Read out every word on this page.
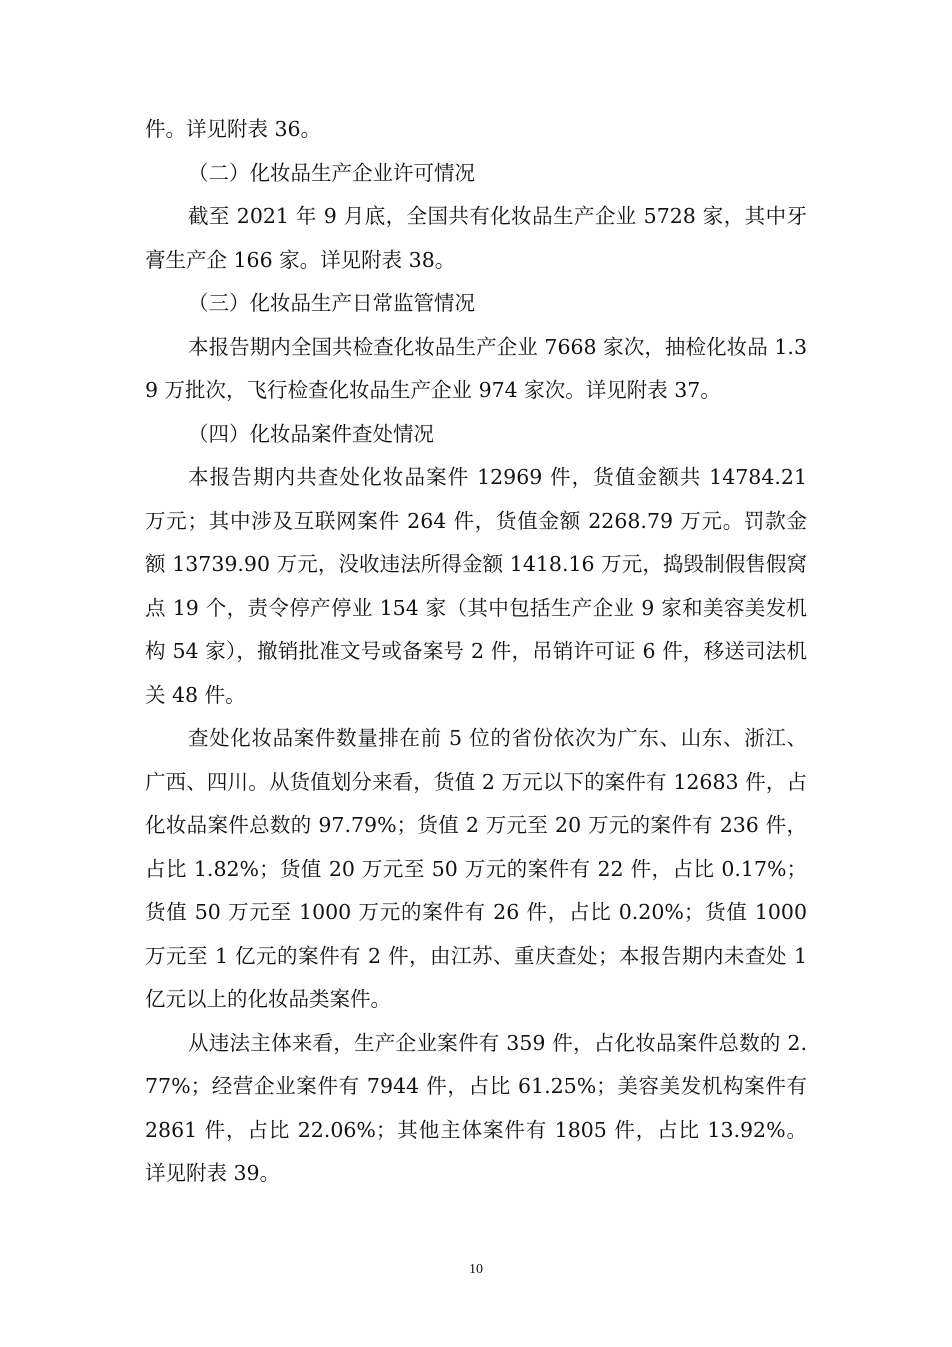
件。详见附表 36。

（二）化妆品生产企业许可情况

截至 2021 年 9 月底，全国共有化妆品生产企业 5728 家，其中牙膏生产企 166 家。详见附表 38。

（三）化妆品生产日常监管情况

本报告期内全国共检查化妆品生产企业 7668 家次，抽检化妆品 1.39 万批次，飞行检查化妆品生产企业 974 家次。详见附表 37。

（四）化妆品案件查处情况

本报告期内共查处化妆品案件 12969 件，货值金额共 14784.21 万元；其中涉及互联网案件 264 件，货值金额 2268.79 万元。罚款金额 13739.90 万元，没收违法所得金额 1418.16 万元，捣毁制假售假窝点 19 个，责令停产停业 154 家（其中包括生产企业 9 家和美容美发机构 54 家），撤销批准文号或备案号 2 件，吊销许可证 6 件，移送司法机关 48 件。

查处化妆品案件数量排在前 5 位的省份依次为广东、山东、浙江、广西、四川。从货值划分来看，货值 2 万元以下的案件有 12683 件，占化妆品案件总数的 97.79%；货值 2 万元至 20 万元的案件有 236 件，占比 1.82%；货值 20 万元至 50 万元的案件有 22 件，占比 0.17%；货值 50 万元至 1000 万元的案件有 26 件，占比 0.20%；货值 1000 万元至 1 亿元的案件有 2 件，由江苏、重庆查处；本报告期内未查处 1 亿元以上的化妆品类案件。

从违法主体来看，生产企业案件有 359 件，占化妆品案件总数的 2.77%；经营企业案件有 7944 件，占比 61.25%；美容美发机构案件有 2861 件，占比 22.06%；其他主体案件有 1805 件，占比 13.92%。详见附表 39。

10
